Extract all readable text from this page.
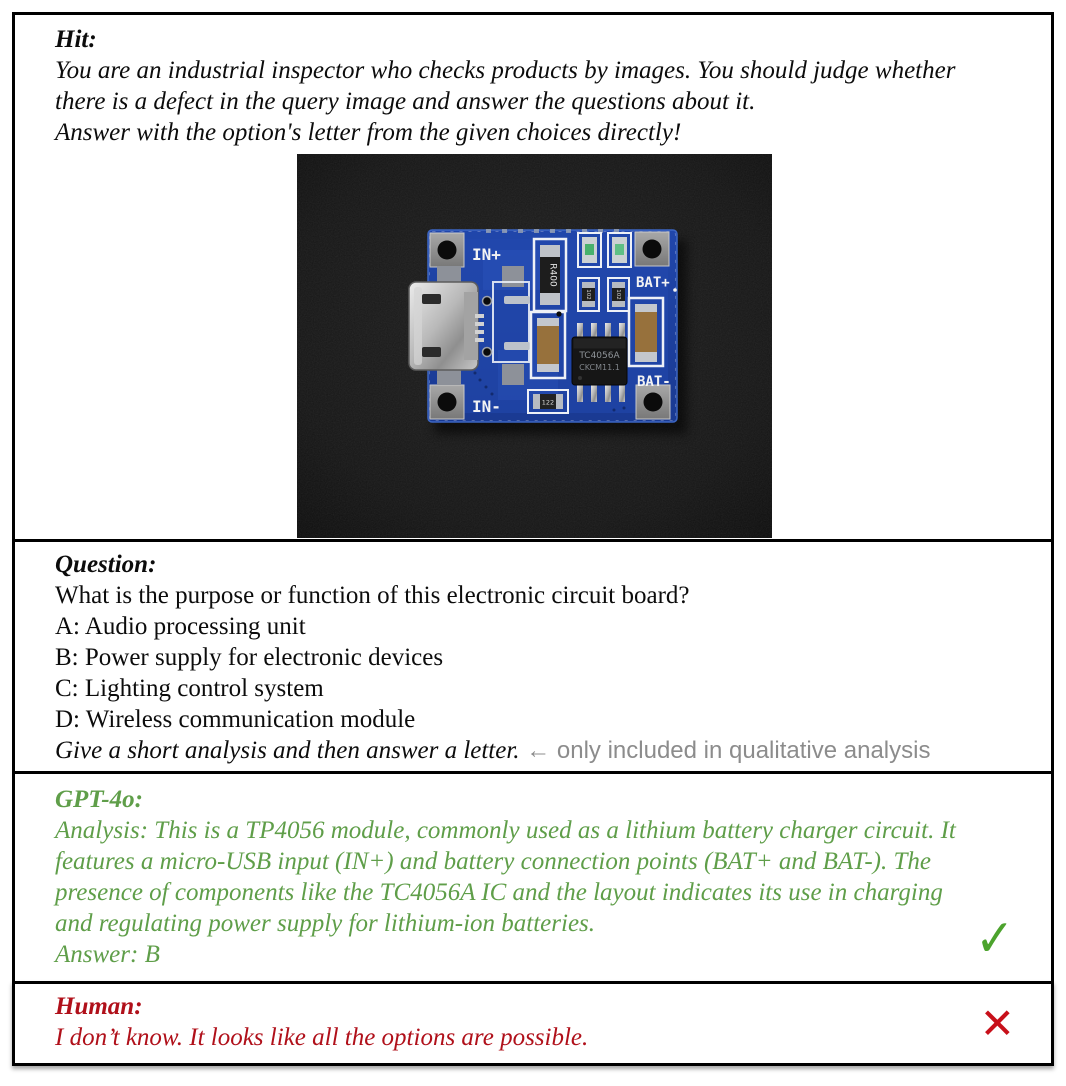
Hit:
You are an industrial inspector who checks products by images. You should judge whether
there is a defect in the query image and answer the questions about it.
Answer with the option's letter from the given choices directly!
R400
102	102
TC4056A
CKCM11.1
122
IN+
BAT+
BAT-
IN-
Question:
What is the purpose or function of this electronic circuit board?
A: Audio processing unit
B: Power supply for electronic devices
C: Lighting control system
D: Wireless communication module
Give a short analysis and then answer a letter. ← only included in qualitative analysis
GPT-4o:
Analysis: This is a TP4056 module, commonly used as a lithium battery charger circuit. It
features a micro-USB input (IN+) and battery connection points (BAT+ and BAT-). The
presence of components like the TC4056A IC and the layout indicates its use in charging
and regulating power supply for lithium-ion batteries.
Answer: B	✓
Human:
I don’t know. It looks like all the options are possible.	✕
